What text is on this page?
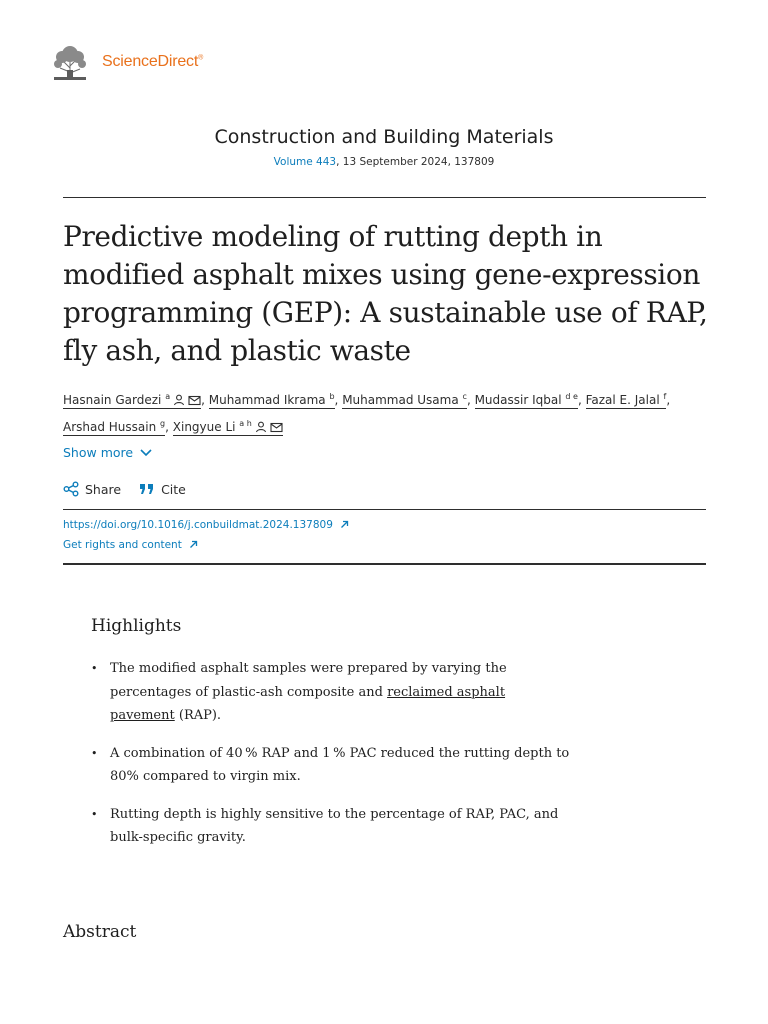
ScienceDirect®
Construction and Building Materials
Volume 443, 13 September 2024, 137809
Predictive modeling of rutting depth in modified asphalt mixes using gene-expression programming (GEP): A sustainable use of RAP, fly ash, and plastic waste
Hasnain Gardezi $^a$	, Muhammad Ikrama $^b$, Muhammad Usama $^c$, Mudassir Iqbal $^{d e}$, Fazal E. Jalal $^f$, Arshad Hussain $^g$, Xingyue Li $^{a h}$
Show more
Share	Cite
https://doi.org/10.1016/j.conbuildmat.2024.137809
Get rights and content
Highlights
• The modified asphalt samples were prepared by varying the percentages of plastic-ash composite and reclaimed asphalt pavement (RAP).
• A combination of 40 % RAP and 1 % PAC reduced the rutting depth to 80% compared to virgin mix.
• Rutting depth is highly sensitive to the percentage of RAP, PAC, and bulk-specific gravity.
Abstract
